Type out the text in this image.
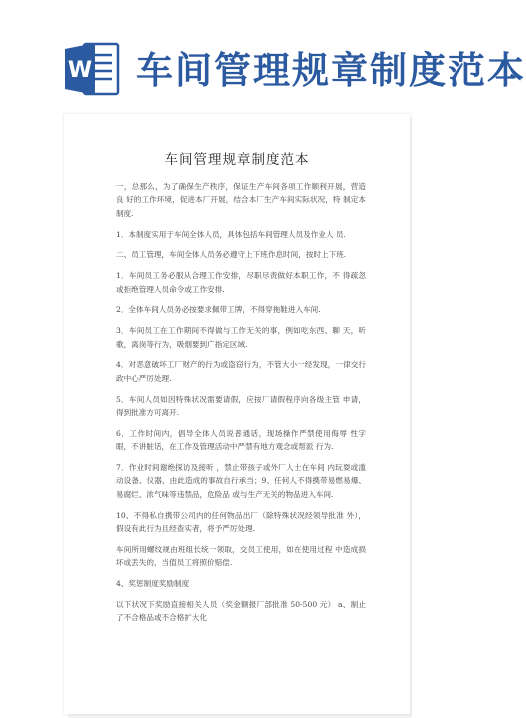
W 车间管理规章制度范本
车间管理规章制度范本

一，总那么，为了确保生产秩序，保证生产车间各项工作顺利开展，营造良 好的工作环境，促进本厂开展，结合本厂生产车间实际状况，特 制定本制度.

1．本制度实用于车间全体人员，具体包括车间管理人员及作业人 员.

二、员工管理，车间全体人员务必遵守上下班作息时间，按时上下班.

1．车间员工务必服从合理工作安排，尽职尽责做好本职工作，不 得疏忽或拒绝管理人员命令或工作安排.

2．全体车间人员务必按要求佩带工牌，不得穿拖鞋进入车间.

3．车间员工在工作期间不得做与工作无关的事，例如吃东西、聊 天，听歌，离岗等行为，吸烟要到广指定区域.

4．对恶意破坏工厂财产的行为或盗窃行为，不管大小一经发现，一律交行政中心严厉处理.

5．车间人员如因特殊状况需要请假，应按厂请假程序向各级主管 申请，得到批准方可离开.

6．工作时间内，倡导全体人员说普通话，现场操作严禁使用侮辱 性字眼，不讲脏话，在工作及管理活动中严禁有地方观念或帮派 行为.

7．作业时间谢绝探访及接听 ，禁止带孩子或外厂人士在车间 内玩耍或滥动设备、仪器，由此造成的事故自行承当；9、任何人不得携带易燃易爆、易腐烂、浓气味等违禁品，危险品 或与生产无关的物品进入车间.

10、不得私自携带公司内的任何物品出厂（除特殊状况经领导批准 外），假设有此行为且经查实者，将予严厉处理.

车间所用螺纹规由班组长统一领取，交员工使用，如在使用过程 中造成损坏或丢失的，当值员工将照价赔偿.

4、奖惩制度奖励制度

以下状况下奖励直接相关人员（奖金额报厂部批准 50-500 元） a、制止了不合格品或不合格扩大化
